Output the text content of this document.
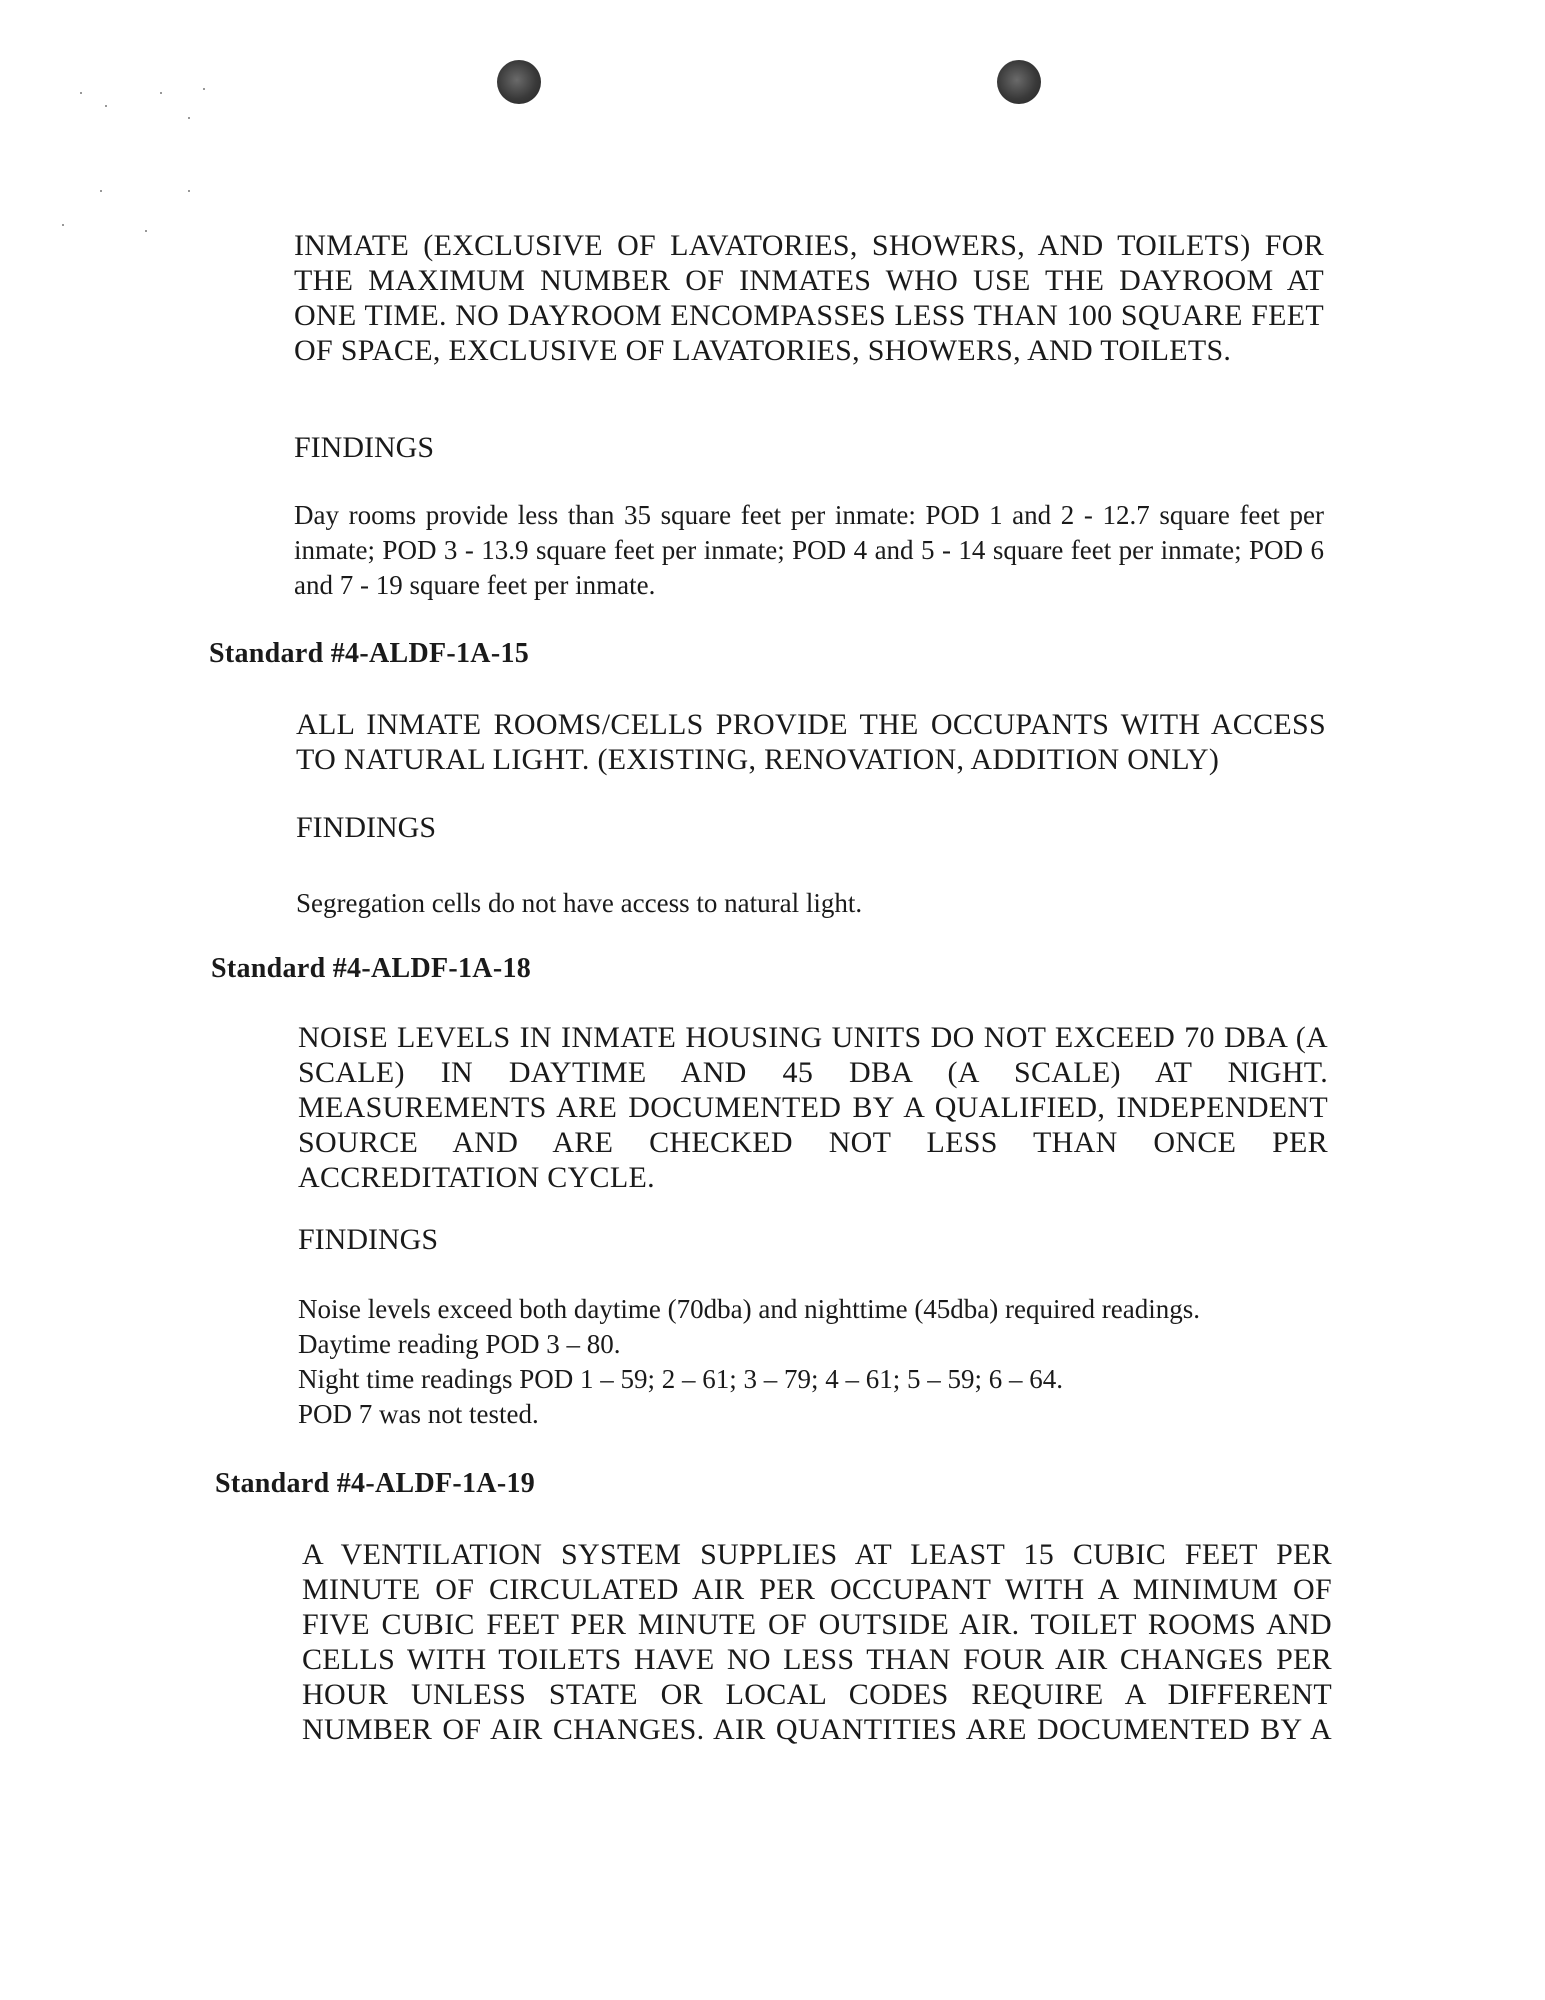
INMATE (EXCLUSIVE OF LAVATORIES, SHOWERS, AND TOILETS) FOR THE MAXIMUM NUMBER OF INMATES WHO USE THE DAYROOM AT ONE TIME. NO DAYROOM ENCOMPASSES LESS THAN 100 SQUARE FEET OF SPACE, EXCLUSIVE OF LAVATORIES, SHOWERS, AND TOILETS.

FINDINGS

Day rooms provide less than 35 square feet per inmate: POD 1 and 2 - 12.7 square feet per inmate; POD 3 - 13.9 square feet per inmate; POD 4 and 5 - 14 square feet per inmate; POD 6 and 7 - 19 square feet per inmate.

Standard #4-ALDF-1A-15

ALL INMATE ROOMS/CELLS PROVIDE THE OCCUPANTS WITH ACCESS TO NATURAL LIGHT. (EXISTING, RENOVATION, ADDITION ONLY)

FINDINGS

Segregation cells do not have access to natural light.

Standard #4-ALDF-1A-18

NOISE LEVELS IN INMATE HOUSING UNITS DO NOT EXCEED 70 DBA (A SCALE) IN DAYTIME AND 45 DBA (A SCALE) AT NIGHT. MEASUREMENTS ARE DOCUMENTED BY A QUALIFIED, INDEPENDENT SOURCE AND ARE CHECKED NOT LESS THAN ONCE PER ACCREDITATION CYCLE.

FINDINGS

Noise levels exceed both daytime (70dba) and nighttime (45dba) required readings.

Daytime reading POD 3 – 80.

Night time readings POD 1 – 59; 2 – 61; 3 – 79; 4 – 61; 5 – 59; 6 – 64.

POD 7 was not tested.

Standard #4-ALDF-1A-19

A VENTILATION SYSTEM SUPPLIES AT LEAST 15 CUBIC FEET PER MINUTE OF CIRCULATED AIR PER OCCUPANT WITH A MINIMUM OF FIVE CUBIC FEET PER MINUTE OF OUTSIDE AIR. TOILET ROOMS AND CELLS WITH TOILETS HAVE NO LESS THAN FOUR AIR CHANGES PER HOUR UNLESS STATE OR LOCAL CODES REQUIRE A DIFFERENT NUMBER OF AIR CHANGES. AIR QUANTITIES ARE DOCUMENTED BY A
